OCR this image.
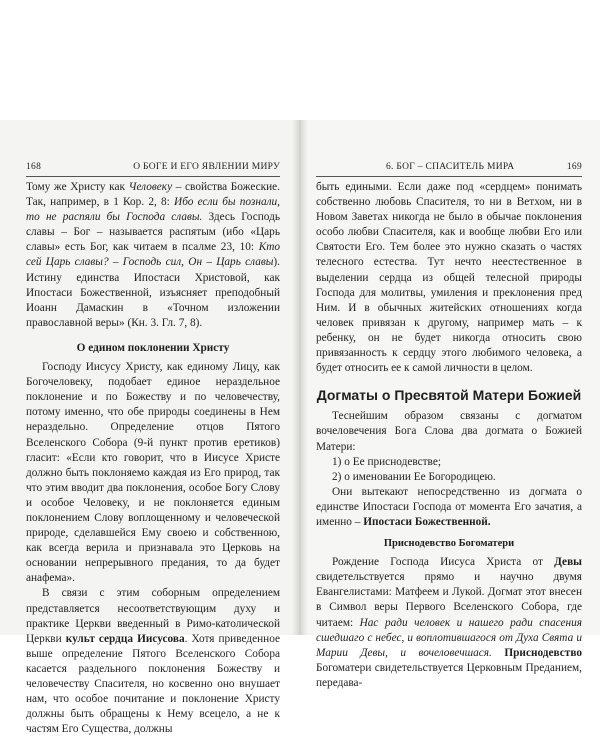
168	О БОГЕ И ЕГО ЯВЛЕНИИ МИРУ

Тому же Христу как Человеку – свойства Божеские. Так, например, в 1 Кор. 2, 8: Ибо если бы познали, то не распяли бы Господа славы. Здесь Господь славы – Бог – называется распятым (ибо «Царь славы» есть Бог, как читаем в псалме 23, 10: Кто сей Царь славы? – Господь сил, Он – Царь славы). Истину единства Ипостаси Христовой, как Ипостаси Божественной, изъясняет преподобный Иоанн Дамаскин в «Точном изложении православной веры» (Кн. 3. Гл. 7, 8).

О едином поклонении Христу

Господу Иисусу Христу, как единому Лицу, как Богочеловеку, подобает единое нераздельное поклонение и по Божеству и по человечеству, потому именно, что обе природы соединены в Нем нераздельно. Определение отцов Пятого Вселенского Собора (9-й пункт против еретиков) гласит: «Если кто говорит, что в Иисусе Христе должно быть поклоняемо каждая из Его природ, так что этим вводит два поклонения, особое Богу Слову и особое Человеку, и не поклоняется единым поклонением Слову воплощенному и человеческой природе, сделавшейся Ему своею и собственною, как всегда верила и признавала это Церковь на основании непрерывного предания, то да будет анафема».

В связи с этим соборным определением представляется несоответствующим духу и практике Церкви введенный в Римо-католической Церкви культ сердца Иисусова. Хотя приведенное выше определение Пятого Вселенского Собора касается раздельного поклонения Божеству и человечеству Спасителя, но косвенно оно внушает нам, что особое почитание и поклонение Христу должны быть обращены к Нему всецело, а не к частям Его Существа, должны

6. БОГ – СПАСИТЕЛЬ МИРА	169

быть едиными. Если даже под «сердцем» понимать собственно любовь Спасителя, то ни в Ветхом, ни в Новом Заветах никогда не было в обычае поклонения особо любви Спасителя, как и вообще любви Его или Святости Его. Тем более это нужно сказать о частях телесного естества. Тут нечто неестественное в выделении сердца из общей телесной природы Господа для молитвы, умиления и преклонения пред Ним. И в обычных житейских отношениях когда человек привязан к другому, например мать – к ребенку, он не будет никогда относить свою привязанность к сердцу этого любимого человека, а будет относить ее к самой личности в целом.

Догматы о Пресвятой Матери Божией

Теснейшим образом связаны с догматом вочеловечения Бога Слова два догмата о Божией Матери:

1) о Ее приснодевстве;

2) о именовании Ее Богородицею.

Они вытекают непосредственно из догмата о единстве Ипостаси Господа от момента Его зачатия, а именно – Ипостаси Божественной.

Приснодевство Богоматери

Рождение Господа Иисуса Христа от Девы свидетельствуется прямо и научно двумя Евангелистами: Матфеем и Лукой. Догмат этот внесен в Символ веры Первого Вселенского Собора, где читаем: Нас ради человек и нашего ради спасения сшедшаго с небес, и воплотившагося от Духа Свята и Марии Девы, и вочеловечшася. Приснодевство Богоматери свидетельствуется Церковным Преданием, передава-
